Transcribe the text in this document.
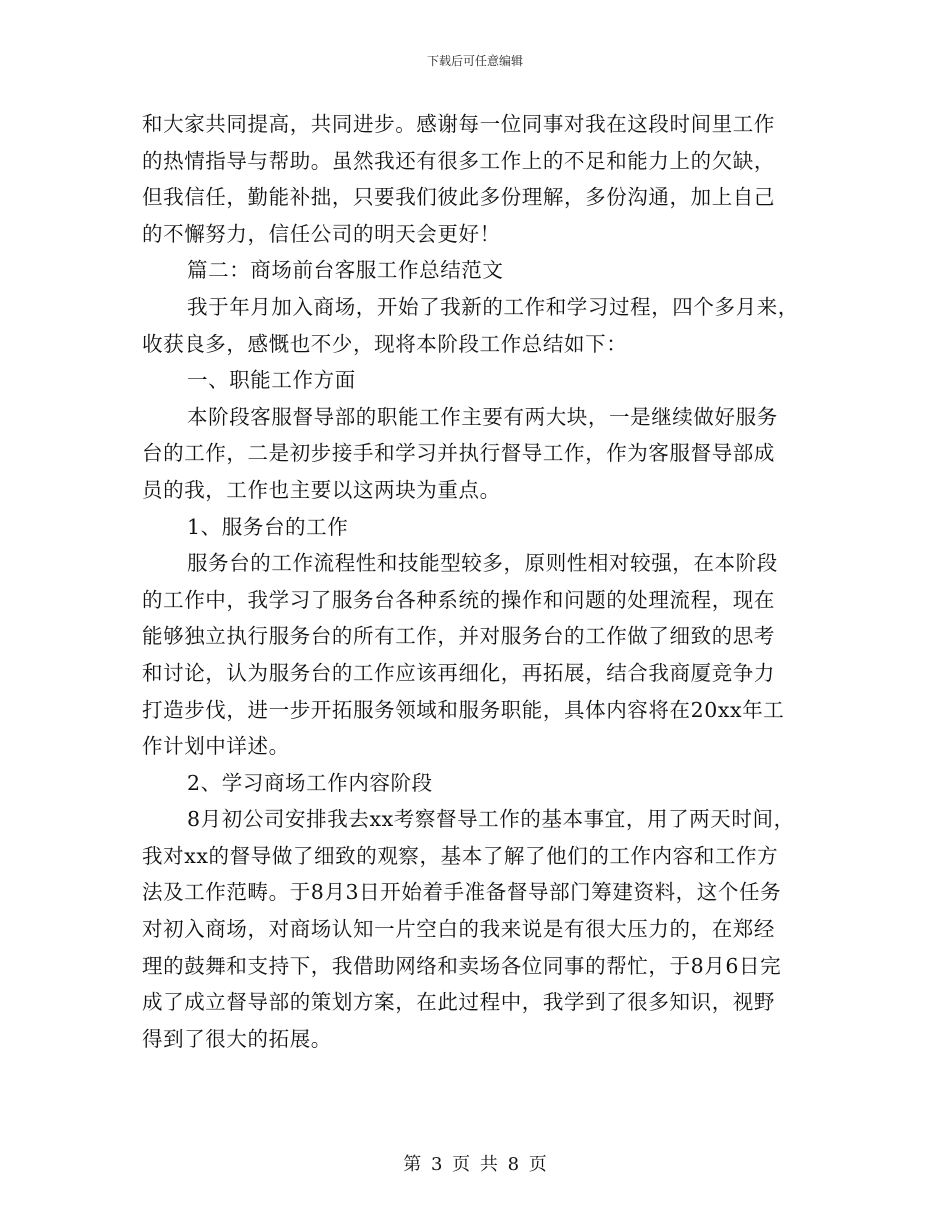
下载后可任意编辑
和大家共同提高，共同进步。感谢每一位同事对我在这段时间里工作
的热情指导与帮助。虽然我还有很多工作上的不足和能力上的欠缺，
但我信任，勤能补拙，只要我们彼此多份理解，多份沟通，加上自己
的不懈努力，信任公司的明天会更好！
篇二：商场前台客服工作总结范文
我于年月加入商场，开始了我新的工作和学习过程，四个多月来，
收获良多，感慨也不少，现将本阶段工作总结如下：
一、职能工作方面
本阶段客服督导部的职能工作主要有两大块，一是继续做好服务
台的工作，二是初步接手和学习并执行督导工作，作为客服督导部成
员的我，工作也主要以这两块为重点。
1、服务台的工作
服务台的工作流程性和技能型较多，原则性相对较强，在本阶段
的工作中，我学习了服务台各种系统的操作和问题的处理流程，现在
能够独立执行服务台的所有工作，并对服务台的工作做了细致的思考
和讨论，认为服务台的工作应该再细化，再拓展，结合我商厦竞争力
打造步伐，进一步开拓服务领域和服务职能，具体内容将在20xx年工
作计划中详述。
2、学习商场工作内容阶段
8月初公司安排我去xx考察督导工作的基本事宜，用了两天时间，
我对xx的督导做了细致的观察，基本了解了他们的工作内容和工作方
法及工作范畴。于8月3日开始着手准备督导部门筹建资料，这个任务
对初入商场，对商场认知一片空白的我来说是有很大压力的，在郑经
理的鼓舞和支持下，我借助网络和卖场各位同事的帮忙，于8月6日完
成了成立督导部的策划方案，在此过程中，我学到了很多知识，视野
得到了很大的拓展。
第 3 页 共 8 页
